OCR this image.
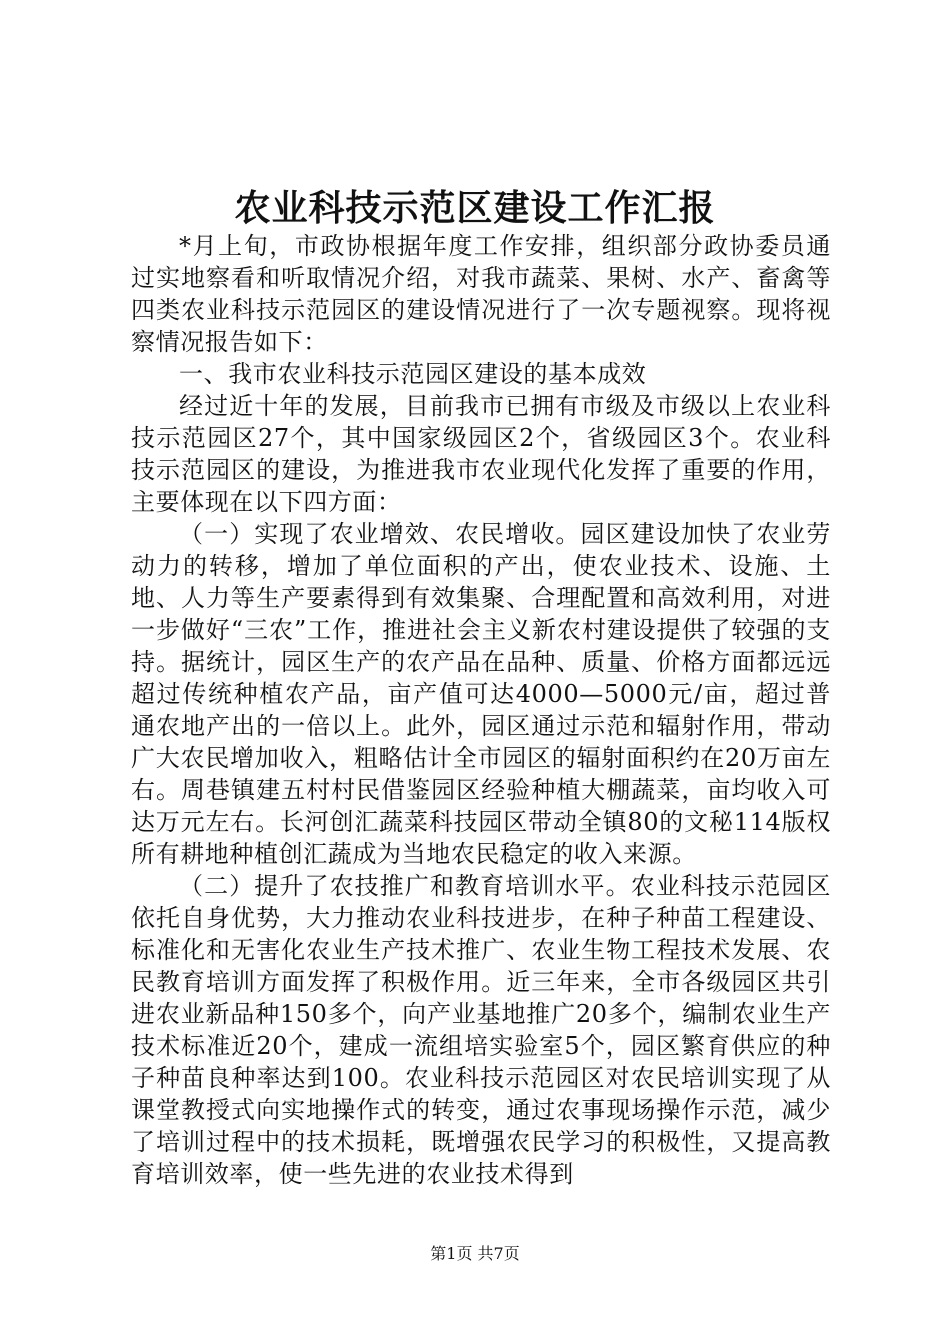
农业科技示范区建设工作汇报

*月上旬，市政协根据年度工作安排，组织部分政协委员通过实地察看和听取情况介绍，对我市蔬菜、果树、水产、畜禽等四类农业科技示范园区的建设情况进行了一次专题视察。现将视察情况报告如下：

一、我市农业科技示范园区建设的基本成效

经过近十年的发展，目前我市已拥有市级及市级以上农业科技示范园区27个，其中国家级园区2个，省级园区3个。农业科技示范园区的建设，为推进我市农业现代化发挥了重要的作用，主要体现在以下四方面：

（一）实现了农业增效、农民增收。园区建设加快了农业劳动力的转移，增加了单位面积的产出，使农业技术、设施、土地、人力等生产要素得到有效集聚、合理配置和高效利用，对进一步做好“三农”工作，推进社会主义新农村建设提供了较强的支持。据统计，园区生产的农产品在品种、质量、价格方面都远远超过传统种植农产品，亩产值可达4000—5000元/亩，超过普通农地产出的一倍以上。此外，园区通过示范和辐射作用，带动广大农民增加收入，粗略估计全市园区的辐射面积约在20万亩左右。周巷镇建五村村民借鉴园区经验种植大棚蔬菜，亩均收入可达万元左右。长河创汇蔬菜科技园区带动全镇80的文秘114版权所有耕地种植创汇蔬成为当地农民稳定的收入来源。

（二）提升了农技推广和教育培训水平。农业科技示范园区依托自身优势，大力推动农业科技进步，在种子种苗工程建设、标准化和无害化农业生产技术推广、农业生物工程技术发展、农民教育培训方面发挥了积极作用。近三年来，全市各级园区共引进农业新品种150多个，向产业基地推广20多个，编制农业生产技术标准近20个，建成一流组培实验室5个，园区繁育供应的种子种苗良种率达到100。农业科技示范园区对农民培训实现了从课堂教授式向实地操作式的转变，通过农事现场操作示范，减少了培训过程中的技术损耗，既增强农民学习的积极性，又提高教育培训效率，使一些先进的农业技术得到

第1页 共7页
